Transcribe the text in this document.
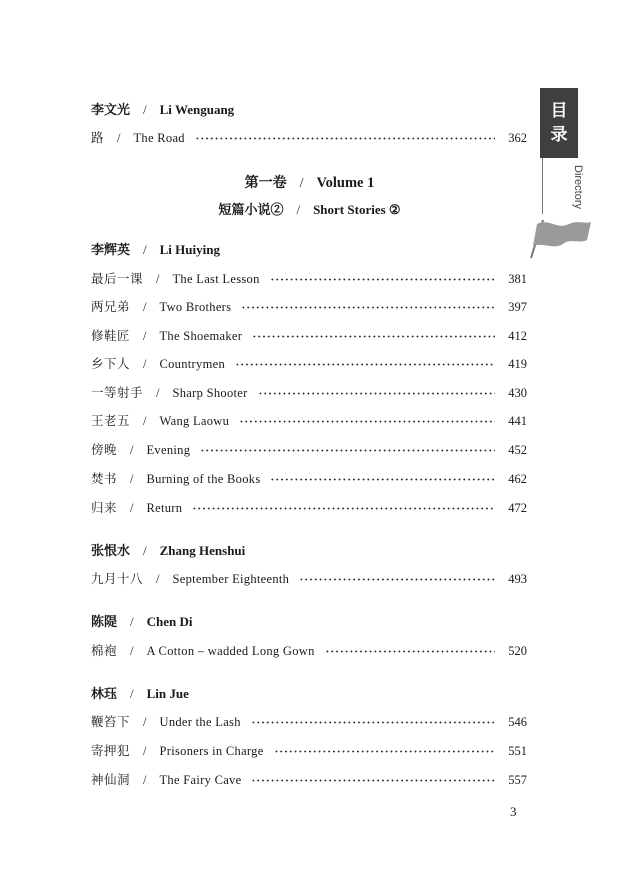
目
录
Directory
李文光 / Li Wenguang
路	/	The Road	362
第一卷 / Volume 1
短篇小说② / Short Stories ②
李辉英 / Li Huiying
最后一课	/	The Last Lesson	381
两兄弟	/	Two Brothers	397
修鞋匠	/	The Shoemaker	412
乡下人	/	Countrymen	419
一等射手	/	Sharp Shooter	430
王老五	/	Wang Laowu	441
傍晚	/	Evening	452
焚书	/	Burning of the Books	462
归来	/	Return	472
张恨水 / Zhang Henshui
九月十八	/	September Eighteenth	493
陈隄 / Chen Di
棉袍	/	A Cotton – wadded Long Gown	520
林珏 / Lin Jue
鞭笞下	/	Under the Lash	546
寄押犯	/	Prisoners in Charge	551
神仙洞	/	The Fairy Cave	557
3
